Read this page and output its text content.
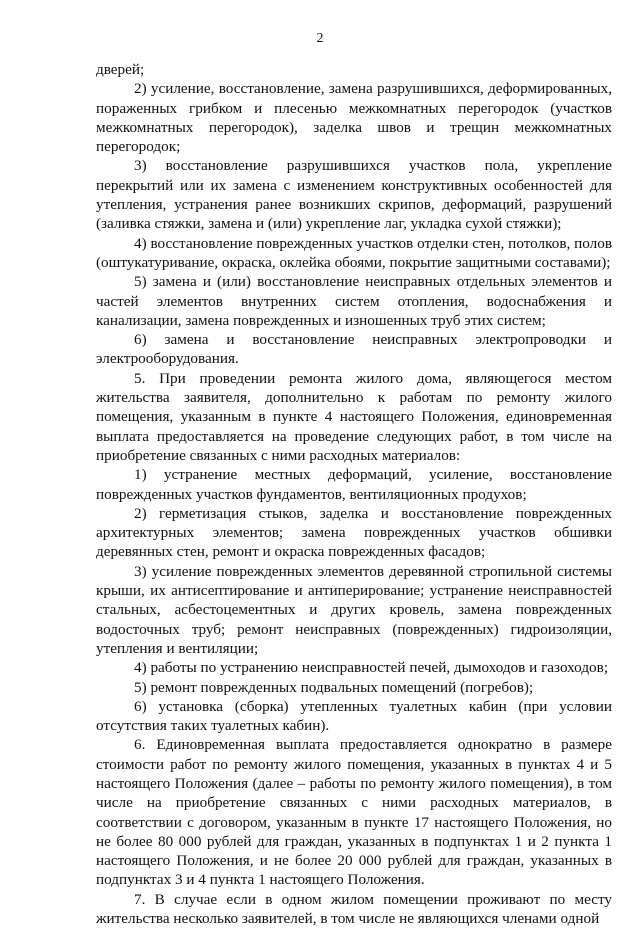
2

дверей;

2) усиление, восстановление, замена разрушившихся, деформированных, пораженных грибком и плесенью межкомнатных перегородок (участков межкомнатных перегородок), заделка швов и трещин межкомнатных перегородок;

3) восстановление разрушившихся участков пола, укрепление перекрытий или их замена с изменением конструктивных особенностей для утепления, устранения ранее возникших скрипов, деформаций, разрушений (заливка стяжки, замена и (или) укрепление лаг, укладка сухой стяжки);

4) восстановление поврежденных участков отделки стен, потолков, полов (оштукатуривание, окраска, оклейка обоями, покрытие защитными составами);

5) замена и (или) восстановление неисправных отдельных элементов и частей элементов внутренних систем отопления, водоснабжения и канализации, замена поврежденных и изношенных труб этих систем;

6) замена и восстановление неисправных электропроводки и электрооборудования.

5. При проведении ремонта жилого дома, являющегося местом жительства заявителя, дополнительно к работам по ремонту жилого помещения, указанным в пункте 4 настоящего Положения, единовременная выплата предоставляется на проведение следующих работ, в том числе на приобретение связанных с ними расходных материалов:

1) устранение местных деформаций, усиление, восстановление поврежденных участков фундаментов, вентиляционных продухов;

2) герметизация стыков, заделка и восстановление поврежденных архитектурных элементов; замена поврежденных участков обшивки деревянных стен, ремонт и окраска поврежденных фасадов;

3) усиление поврежденных элементов деревянной стропильной системы крыши, их антисептирование и антиперирование; устранение неисправностей стальных, асбестоцементных и других кровель, замена поврежденных водосточных труб; ремонт неисправных (поврежденных) гидроизоляции, утепления и вентиляции;

4) работы по устранению неисправностей печей, дымоходов и газоходов;

5) ремонт поврежденных подвальных помещений (погребов);

6) установка (сборка) утепленных туалетных кабин (при условии отсутствия таких туалетных кабин).

6. Единовременная выплата предоставляется однократно в размере стоимости работ по ремонту жилого помещения, указанных в пунктах 4 и 5 настоящего Положения (далее – работы по ремонту жилого помещения), в том числе на приобретение связанных с ними расходных материалов, в соответствии с договором, указанным в пункте 17 настоящего Положения, но не более 80 000 рублей для граждан, указанных в подпунктах 1 и 2 пункта 1 настоящего Положения, и не более 20 000 рублей для граждан, указанных в подпунктах 3 и 4 пункта 1 настоящего Положения.

7. В случае если в одном жилом помещении проживают по месту жительства несколько заявителей, в том числе не являющихся членами одной
